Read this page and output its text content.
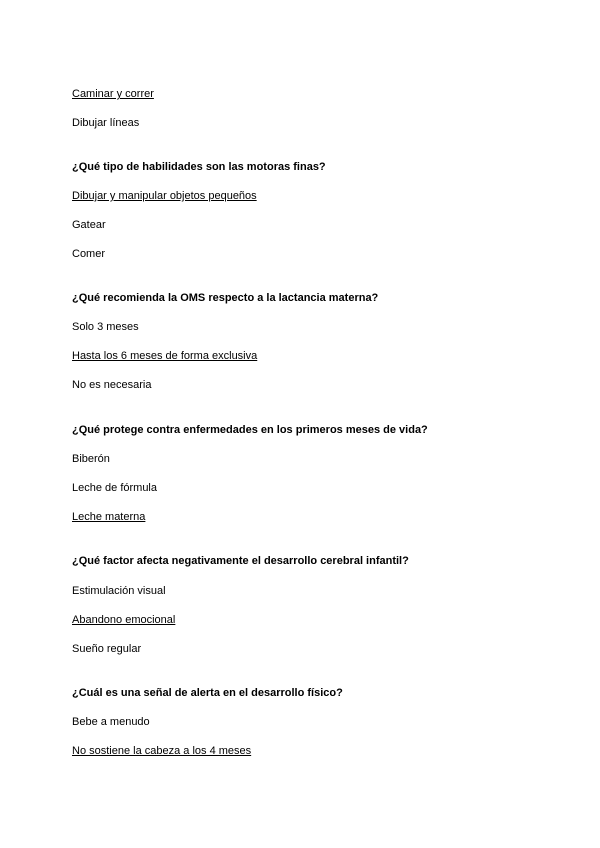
Caminar y correr
Dibujar líneas
¿Qué tipo de habilidades son las motoras finas?
Dibujar y manipular objetos pequeños
Gatear
Comer
¿Qué recomienda la OMS respecto a la lactancia materna?
Solo 3 meses
Hasta los 6 meses de forma exclusiva
No es necesaria
¿Qué protege contra enfermedades en los primeros meses de vida?
Biberón
Leche de fórmula
Leche materna
¿Qué factor afecta negativamente el desarrollo cerebral infantil?
Estimulación visual
Abandono emocional
Sueño regular
¿Cuál es una señal de alerta en el desarrollo físico?
Bebe a menudo
No sostiene la cabeza a los 4 meses
